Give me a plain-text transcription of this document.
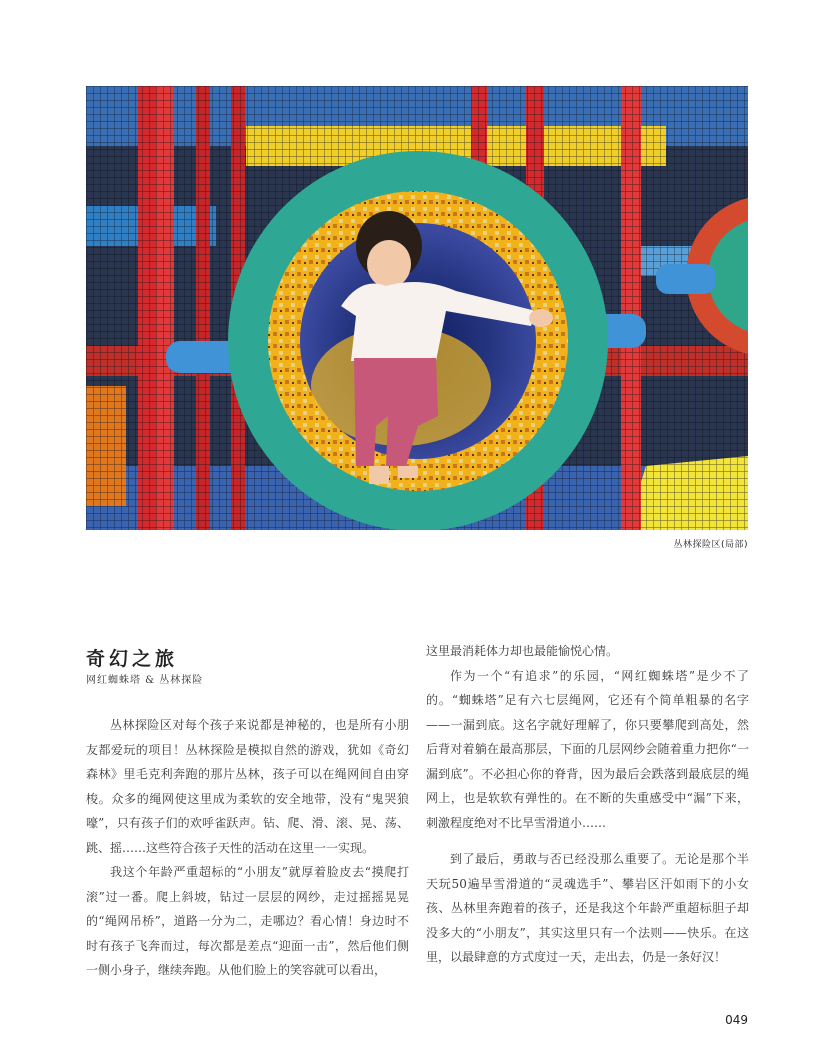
丛林探险区(局部)
奇幻之旅
网红蜘蛛塔 & 丛林探险

丛林探险区对每个孩子来说都是神秘的，也是所有小朋友都爱玩的项目！丛林探险是模拟自然的游戏，犹如《奇幻森林》里毛克利奔跑的那片丛林，孩子可以在绳网间自由穿梭。众多的绳网使这里成为柔软的安全地带，没有“鬼哭狼嚎”，只有孩子们的欢呼雀跃声。钻、爬、滑、滚、晃、荡、跳、摇……这些符合孩子天性的活动在这里一一实现。

我这个年龄严重超标的“小朋友”就厚着脸皮去“摸爬打滚”过一番。爬上斜坡，钻过一层层的网纱，走过摇摇晃晃的“绳网吊桥”，道路一分为二，走哪边？看心情！身边时不时有孩子飞奔而过，每次都是差点“迎面一击”，然后他们侧一侧小身子，继续奔跑。从他们脸上的笑容就可以看出，

这里最消耗体力却也最能愉悦心情。

作为一个“有追求”的乐园，“网红蜘蛛塔”是少不了的。“蜘蛛塔”足有六七层绳网，它还有个简单粗暴的名字——一漏到底。这名字就好理解了，你只要攀爬到高处，然后背对着躺在最高那层，下面的几层网纱会随着重力把你“一漏到底”。不必担心你的脊背，因为最后会跌落到最底层的绳网上，也是软软有弹性的。在不断的失重感受中“漏”下来，刺激程度绝对不比旱雪滑道小……

到了最后，勇敢与否已经没那么重要了。无论是那个半天玩50遍旱雪滑道的“灵魂选手”、攀岩区汗如雨下的小女孩、丛林里奔跑着的孩子，还是我这个年龄严重超标胆子却没多大的“小朋友”，其实这里只有一个法则——快乐。在这里，以最肆意的方式度过一天，走出去，仍是一条好汉！

049
